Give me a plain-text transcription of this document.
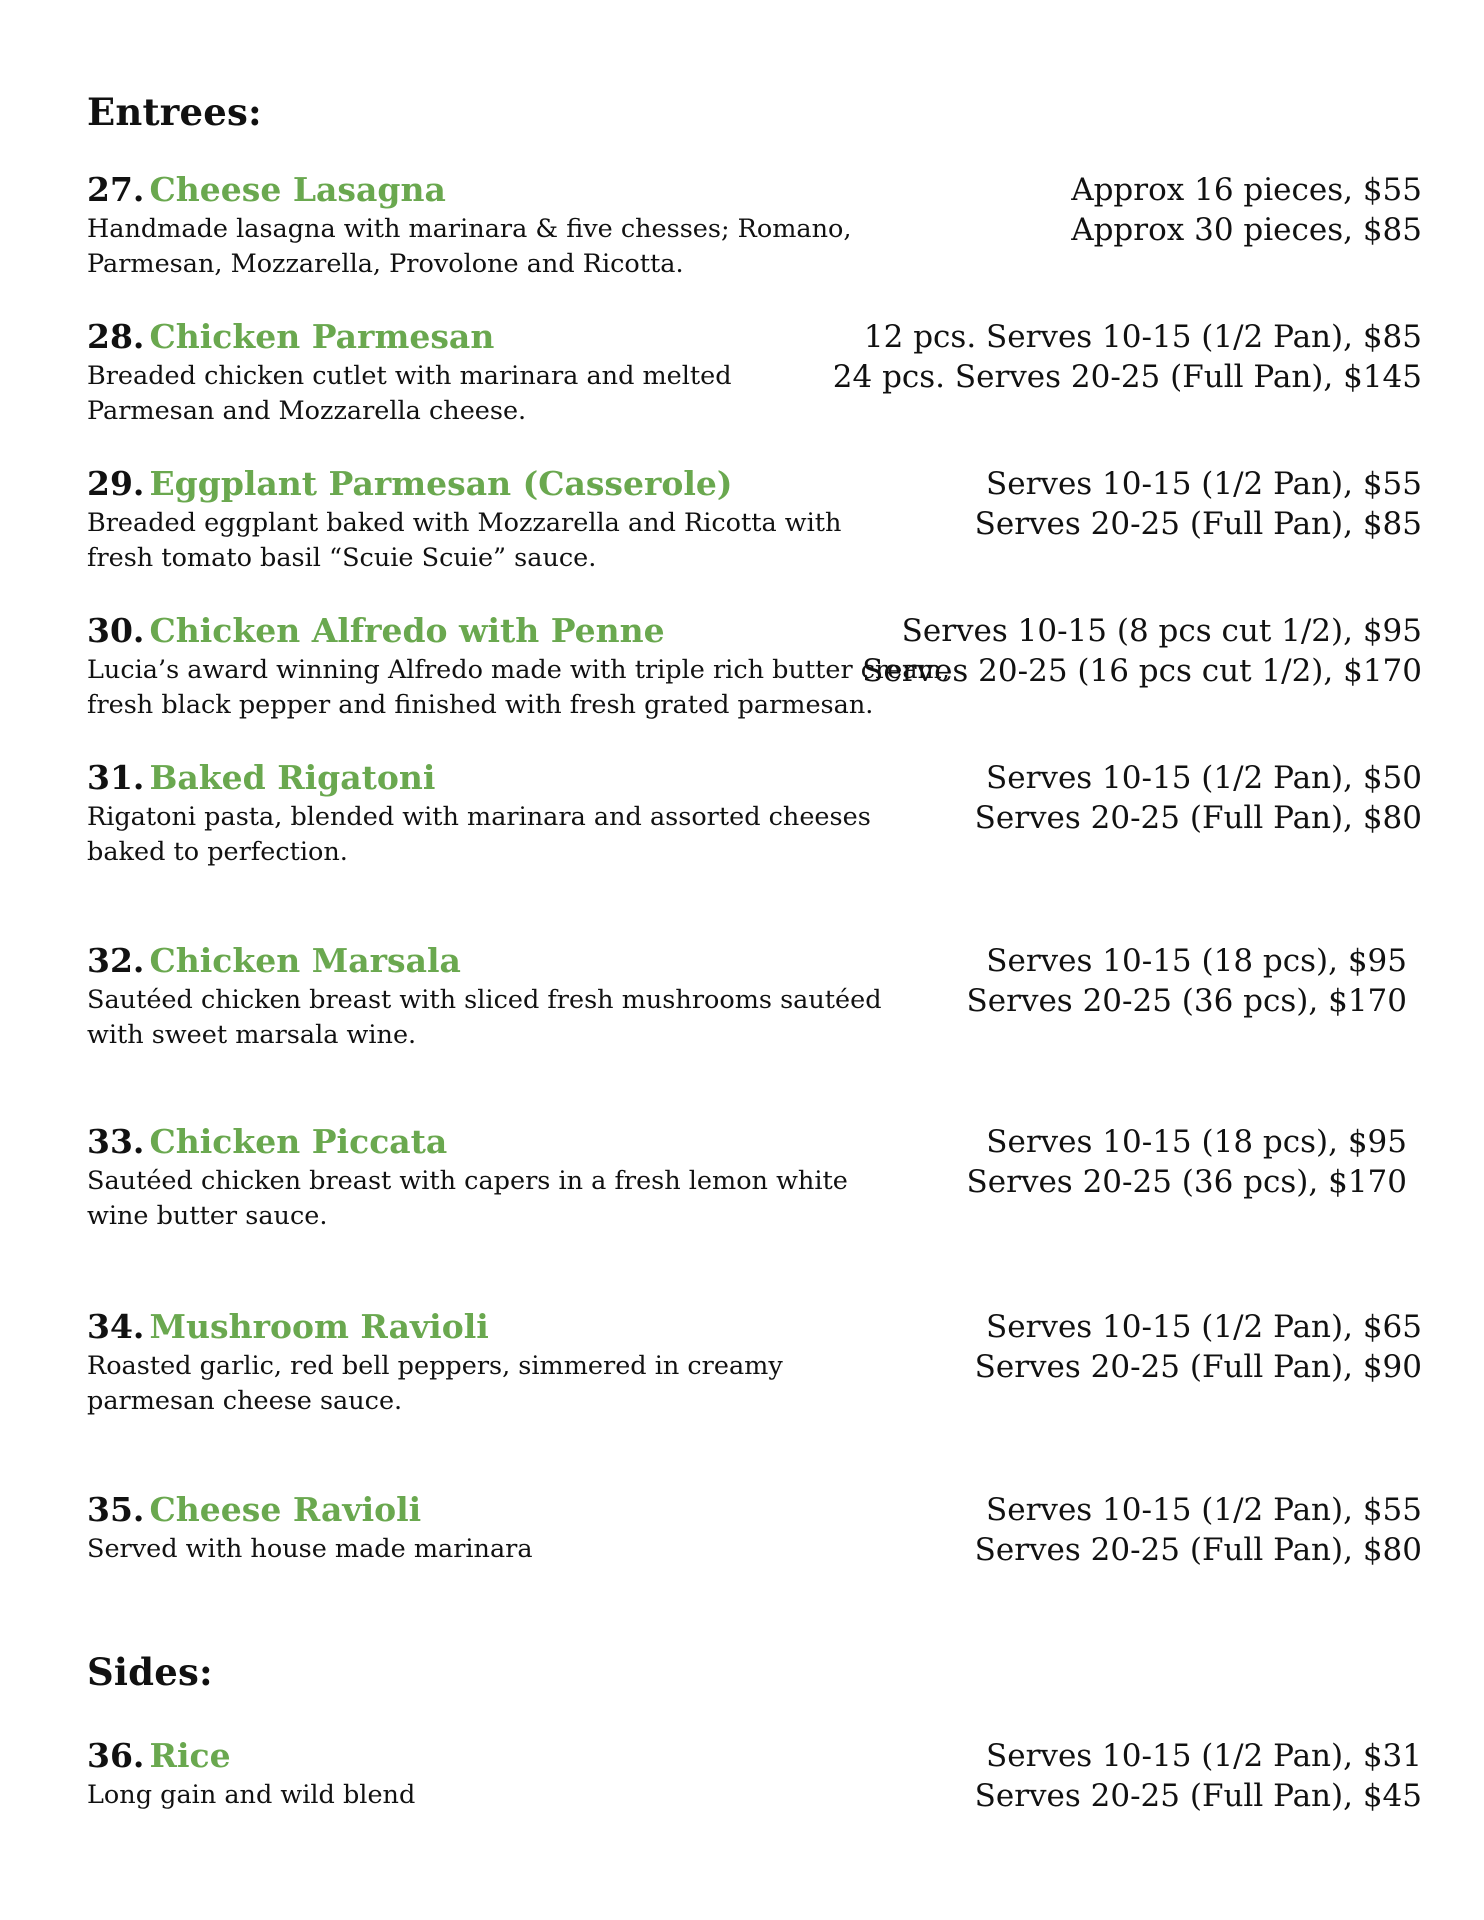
Entrees:
27. Cheese Lasagna
Handmade lasagna with marinara & five chesses; Romano, Parmesan, Mozzarella, Provolone and Ricotta.
Approx 16 pieces, $55
Approx 30 pieces, $85
28. Chicken Parmesan
Breaded chicken cutlet with marinara and melted Parmesan and Mozzarella cheese.
12 pcs. Serves 10-15 (1/2 Pan), $85
24 pcs. Serves 20-25 (Full Pan), $145
29. Eggplant Parmesan (Casserole)
Breaded eggplant baked with Mozzarella and Ricotta with fresh tomato basil “Scuie Scuie” sauce.
Serves 10-15 (1/2 Pan), $55
Serves 20-25 (Full Pan), $85
30. Chicken Alfredo with Penne
Lucia’s award winning Alfredo made with triple rich butter cream, fresh black pepper and finished with fresh grated parmesan.
Serves 10-15 (8 pcs cut 1/2), $95
Serves 20-25 (16 pcs cut 1/2), $170
31. Baked Rigatoni
Rigatoni pasta, blended with marinara and assorted cheeses baked to perfection.
Serves 10-15 (1/2 Pan), $50
Serves 20-25 (Full Pan), $80
32. Chicken Marsala
Sautéed chicken breast with sliced fresh mushrooms sautéed with sweet marsala wine.
Serves 10-15 (18 pcs), $95
Serves 20-25 (36 pcs), $170
33. Chicken Piccata
Sautéed chicken breast with capers in a fresh lemon white wine butter sauce.
Serves 10-15 (18 pcs), $95
Serves 20-25 (36 pcs), $170
34. Mushroom Ravioli
Roasted garlic, red bell peppers, simmered in creamy parmesan cheese sauce.
Serves 10-15 (1/2 Pan), $65
Serves 20-25 (Full Pan), $90
35. Cheese Ravioli
Served with house made marinara
Serves 10-15 (1/2 Pan), $55
Serves 20-25 (Full Pan), $80
Sides:
36. Rice
Long gain and wild blend
Serves 10-15 (1/2 Pan), $31
Serves 20-25 (Full Pan), $45
